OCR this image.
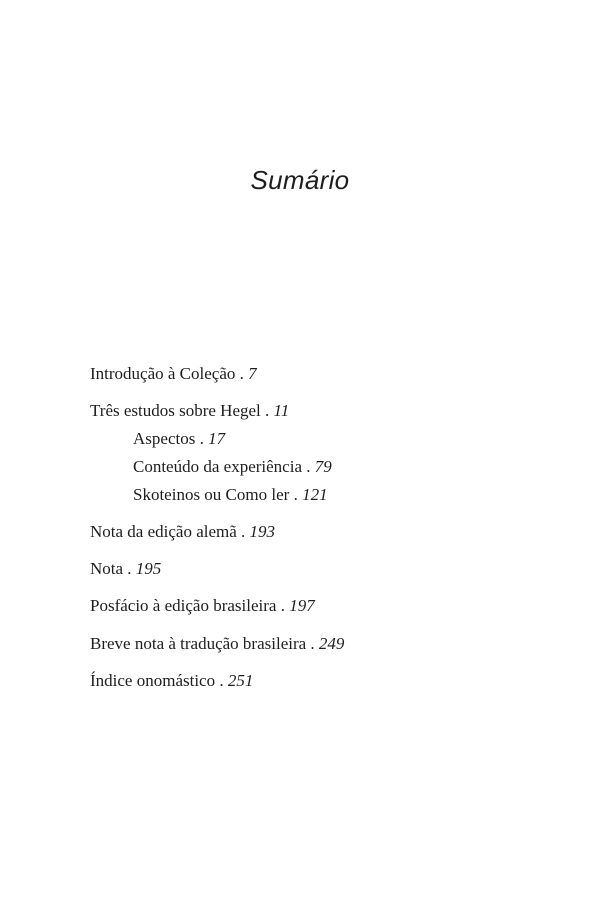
Sumário
Introdução à Coleção . 7
Três estudos sobre Hegel . 11
Aspectos . 17
Conteúdo da experiência . 79
Skoteinos ou Como ler . 121
Nota da edição alemã . 193
Nota . 195
Posfácio à edição brasileira . 197
Breve nota à tradução brasileira . 249
Índice onomástico . 251
